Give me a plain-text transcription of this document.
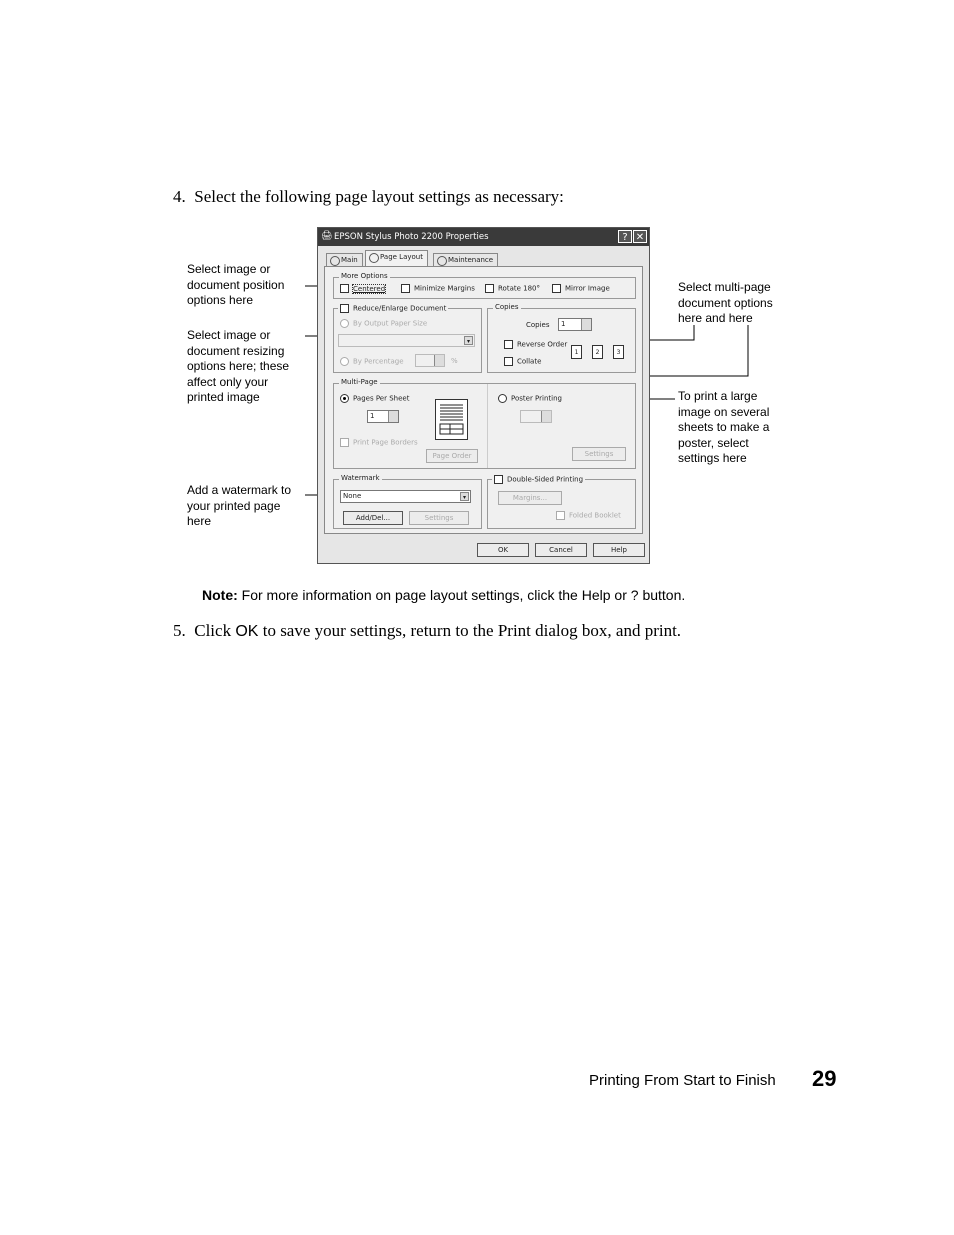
4. Select the following page layout settings as necessary:
Select image or document position options here
Select image or document resizing options here; these affect only your printed image
Add a watermark to your printed page here
Select multi-page document options here and here
To print a large image on several sheets to make a poster, select settings here
🖨 EPSON Stylus Photo 2200 Properties	? ✕
Main	Page Layout	Maintenance
More Options
Centered	Minimize Margins	Rotate 180°	Mirror Image
Reduce/Enlarge Document
By Output Paper Size
▾
By Percentage	%
Copies
Copies	1
Reverse Order
Collate
1	2	3
Multi-Page
Pages Per Sheet
1
Print Page Borders
Page Order
Poster Printing
Settings
Watermark
None	▾
Add/Del...	Settings
Double-Sided Printing
Margins...
Folded Booklet
OK	Cancel	Help
Note: For more information on page layout settings, click the Help or ? button.
5. Click OK to save your settings, return to the Print dialog box, and print.
Printing From Start to Finish 29
